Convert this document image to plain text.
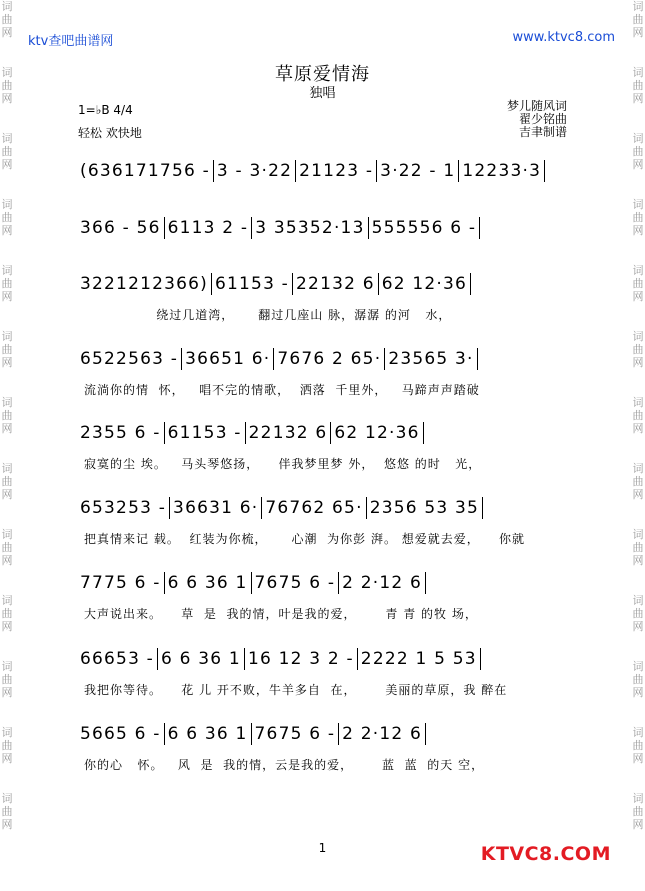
词曲网
词曲网
词曲网
词曲网
词曲网
词曲网
词曲网
词曲网
词曲网
词曲网
词曲网
词曲网
词曲网
词曲网
词曲网
词曲网
词曲网
词曲网
词曲网
词曲网
词曲网
词曲网
词曲网
词曲网
词曲网
词曲网
ktv查吧曲谱网	www.ktvc8.com
草原爱情海
独唱
1=♭B 4/4
轻松 欢快地
梦儿随风词
翟少铭曲
吉聿制谱
(636171756 - 3 - 3·22 21123 - 3·22 - 1 12233·3
366 - 56 6113 2 - 3 35352·13 555556 6 -
3221212366) 61153 - 22132 6 62 12·36
绕过几道湾，     翻过几座山 脉，潺潺 的河   水，
6522563 - 36651 6· 7676 2 65· 23565 3·
流淌你的情  怀，   唱不完的情歌，  洒落  千里外，   马蹄声声踏破
2355 6 - 61153 - 22132 6 62 12·36
寂寞的尘 埃。   马头琴悠扬，    伴我梦里梦 外，  悠悠 的时   光，
653253 - 36631 6· 76762 65· 2356 53 35
把真情来记 载。  红装为你梳，     心潮  为你彭 湃。 想爱就去爱，    你就
7775 6 - 6 6 36 1 7675 6 - 2 2·12 6
大声说出来。    草  是  我的情，叶是我的爱，      青 青 的牧 场，
66653 - 6 6 36 1 16 12 3 2 - 2222 1 5 53
我把你等待。    花 儿 开不败，牛羊多自  在，      美丽的草原，我 醉在
5665 6 - 6 6 36 1 7675 6 - 2 2·12 6
你的心   怀。   风  是  我的情，云是我的爱，      蓝  蓝  的天 空，
1	KTVC8.COM
